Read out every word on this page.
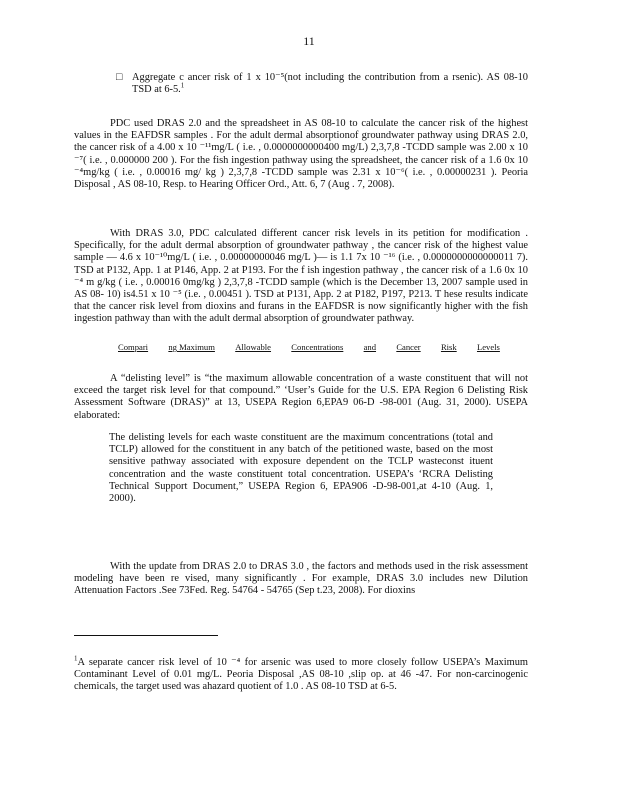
11
□ Aggregate c ancer risk of 1 x 10⁻⁵(not including the contribution from a rsenic). AS 08-10 TSD at 6-5.$^1$
PDC used DRAS 2.0 and the spreadsheet in AS 08-10 to calculate the cancer risk of the highest values in the EAFDSR samples . For the adult dermal absorptionof groundwater pathway using DRAS 2.0, the cancer risk of a 4.00 x 10 ⁻¹¹mg/L ( i.e. , 0.0000000000400 mg/L) 2,3,7,8 -TCDD sample was 2.00 x 10 ⁻⁷( i.e. , 0.000000 200 ). For the fish ingestion pathway using the spreadsheet, the cancer risk of a 1.6 0x 10 ⁻⁴mg/kg ( i.e. , 0.00016 mg/ kg ) 2,3,7,8 -TCDD sample was 2.31 x 10⁻⁶( i.e. , 0.00000231 ). Peoria Disposal , AS 08-10, Resp. to Hearing Officer Ord., Att. 6, 7 (Aug . 7, 2008).
With DRAS 3.0, PDC calculated different cancer risk levels in its petition for modification . Specifically, for the adult dermal absorption of groundwater pathway , the cancer risk of the highest value sample — 4.6 x 10⁻¹⁰mg/L ( i.e. , 0.00000000046 mg/L )— is 1.1 7x 10 ⁻¹⁶ (i.e. , 0.0000000000000011 7). TSD at P132, App. 1 at P146, App. 2 at P193. For the f ish ingestion pathway , the cancer risk of a 1.6 0x 10 ⁻⁴ m g/kg ( i.e. , 0.00016 0mg/kg ) 2,3,7,8 -TCDD sample (which is the December 13, 2007 sample used in AS 08- 10) is4.51 x 10 ⁻⁵ (i.e. , 0.00451 ). TSD at P131, App. 2 at P182, P197, P213. T hese results indicate that the cancer risk level from dioxins and furans in the EAFDSR is now significantly higher with the fish ingestion pathway than with the adult dermal absorption of groundwater pathway.
Compari ng Maximum Allowable Concentrations and Cancer Risk Levels
A “delisting level” is “the maximum allowable concentration of a waste constituent that will not exceed the target risk level for that compound.” ‘User’s Guide for the U.S. EPA Region 6 Delisting Risk Assessment Software (DRAS)” at 13, USEPA Region 6,EPA9 06-D -98-001 (Aug. 31, 2000). USEPA elaborated:
The delisting levels for each waste constituent are the maximum concentrations (total and TCLP) allowed for the constituent in any batch of the petitioned waste, based on the most sensitive pathway associated with exposure dependent on the TCLP wasteconst ituent concentration and the waste constituent total concentration. USEPA’s ‘RCRA Delisting Technical Support Document,” USEPA Region 6, EPA906 -D-98-001,at 4-10 (Aug. 1, 2000).
With the update from DRAS 2.0 to DRAS 3.0 , the factors and methods used in the risk assessment modeling have been re vised, many significantly . For example, DRAS 3.0 includes new Dilution Attenuation Factors .See 73Fed. Reg. 54764 - 54765 (Sep t.23, 2008). For dioxins
$^1$A separate cancer risk level of 10 ⁻⁴ for arsenic was used to more closely follow USEPA’s Maximum Contaminant Level of 0.01 mg/L. Peoria Disposal ,AS 08-10 ,slip op. at 46 -47. For non-carcinogenic chemicals, the target used was ahazard quotient of 1.0 . AS 08-10 TSD at 6-5.
